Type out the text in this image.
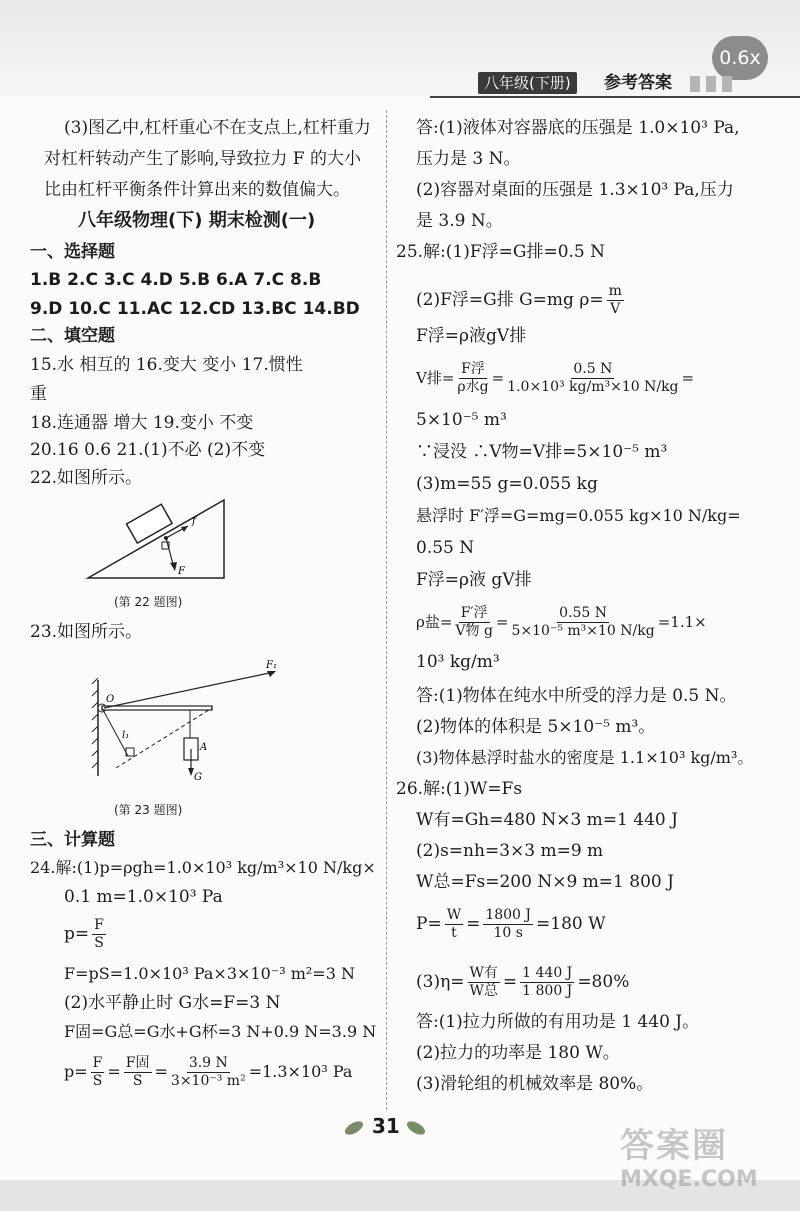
0.6x
八年级(下册)	参考答案
(3)图乙中,杠杆重心不在支点上,杠杆重力
对杠杆转动产生了影响,导致拉力 F 的大小
比由杠杆平衡条件计算出来的数值偏大。
八年级物理(下) 期末检测(一)
一、选择题
1.B 2.C 3.C 4.D 5.B 6.A 7.C 8.B
9.D 10.C 11.AC 12.CD 13.BC 14.BD
二、填空题
15.水 相互的 16.变大 变小 17.惯性
重
18.连通器 增大 19.变小 不变
20.16 0.6 21.(1)不必 (2)不变
22.如图所示。
f
F
(第 22 题图)
23.如图所示。
O
l₁
F₁
A
G
(第 23 题图)
三、计算题
24.解:(1)p=ρgh=1.0×10³ kg/m³×10 N/kg×
0.1 m=1.0×10³ Pa
$p= \frac{F}{S}$
F=pS=1.0×10³ Pa×3×10⁻³ m²=3 N
(2)水平静止时 G水=F=3 N
F固=G总=G水+G杯=3 N+0.9 N=3.9 N
$p= \frac{F}{S} = \frac{\text{F固}}{S} = \frac{3.9 N}{\text{3×10⁻³ m²}} =1.3\times 10^3$ Pa
答:(1)液体对容器底的压强是 1.0×10³ Pa,
压力是 3 N。
(2)容器对桌面的压强是 1.3×10³ Pa,压力
是 3.9 N。
25.解:(1)F浮=G排=0.5 N
(2)F浮=G排 G=mg $\rho= \frac{m}{V}$
F浮=ρ液gV排
V排= $\frac{\text{F浮}}{\text{ρ水g}} = \frac{0.5 N}{\text{1.0×10³ kg/m³×10 N/kg}}$ =
5×10⁻⁵ m³
∵浸没 ∴V物=V排=5×10⁻⁵ m³
(3)m=55 g=0.055 kg
悬浮时 F′浮=G=mg=0.055 kg×10 N/kg=
0.55 N
F浮=ρ液 gV排
ρ盐= $\frac{\text{F′浮}}{\text{V物 g}} = \frac{0.55 N}{\text{5×10⁻⁵ m³×10 N/kg}} =1.1\times$
10³ kg/m³
答:(1)物体在纯水中所受的浮力是 0.5 N。
(2)物体的体积是 5×10⁻⁵ m³。
(3)物体悬浮时盐水的密度是 1.1×10³ kg/m³。
26.解:(1)W=Fs
W有=Gh=480 N×3 m=1 440 J
(2)s=nh=3×3 m=9 m
W总=Fs=200 N×9 m=1 800 J
$P= \frac{W}{t} = \frac{1800 J}{10 s} =180$ W
$(3)\eta= \frac{\text{W有}}{\text{W总}} = \frac{1 440 J}{1 800 J} =80\%$
答:(1)拉力所做的有用功是 1 440 J。
(2)拉力的功率是 180 W。
(3)滑轮组的机械效率是 80%。
31	答案圈
MXQE.COM
